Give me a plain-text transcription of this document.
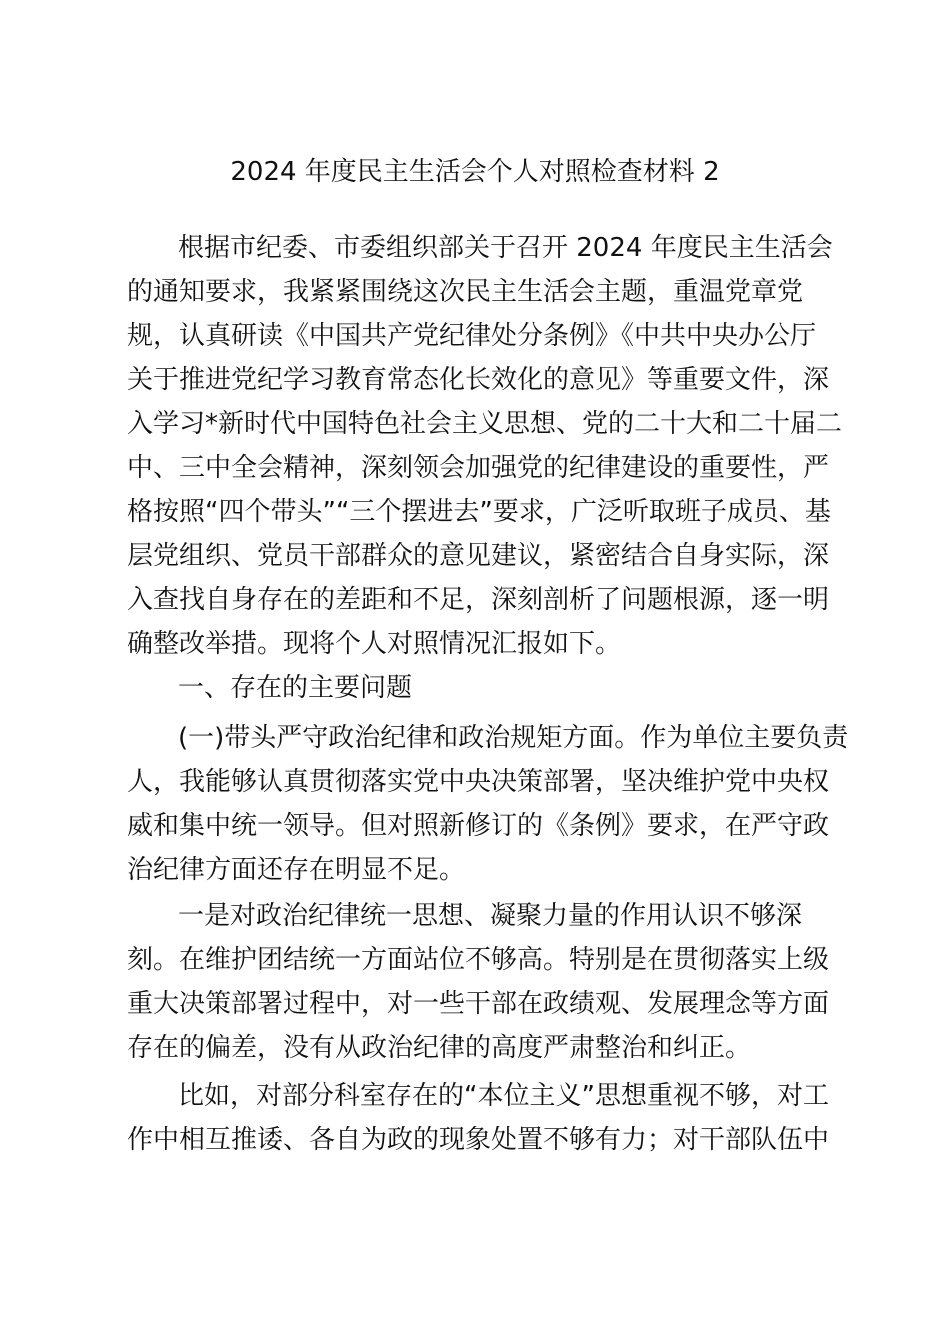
2024 年度民主生活会个人对照检查材料 2
根据市纪委、市委组织部关于召开 2024 年度民主生活会
的通知要求，我紧紧围绕这次民主生活会主题，重温党章党
规，认真研读《中国共产党纪律处分条例》《中共中央办公厅
关于推进党纪学习教育常态化长效化的意见》等重要文件，深
入学习*新时代中国特色社会主义思想、党的二十大和二十届二
中、三中全会精神，深刻领会加强党的纪律建设的重要性，严
格按照“四个带头”“三个摆进去”要求，广泛听取班子成员、基
层党组织、党员干部群众的意见建议，紧密结合自身实际，深
入查找自身存在的差距和不足，深刻剖析了问题根源，逐一明
确整改举措。现将个人对照情况汇报如下。
一、存在的主要问题
(一)带头严守政治纪律和政治规矩方面。作为单位主要负责
人，我能够认真贯彻落实党中央决策部署，坚决维护党中央权
威和集中统一领导。但对照新修订的《条例》要求，在严守政
治纪律方面还存在明显不足。
一是对政治纪律统一思想、凝聚力量的作用认识不够深
刻。在维护团结统一方面站位不够高。特别是在贯彻落实上级
重大决策部署过程中，对一些干部在政绩观、发展理念等方面
存在的偏差，没有从政治纪律的高度严肃整治和纠正。
比如，对部分科室存在的“本位主义”思想重视不够，对工
作中相互推诿、各自为政的现象处置不够有力；对干部队伍中
